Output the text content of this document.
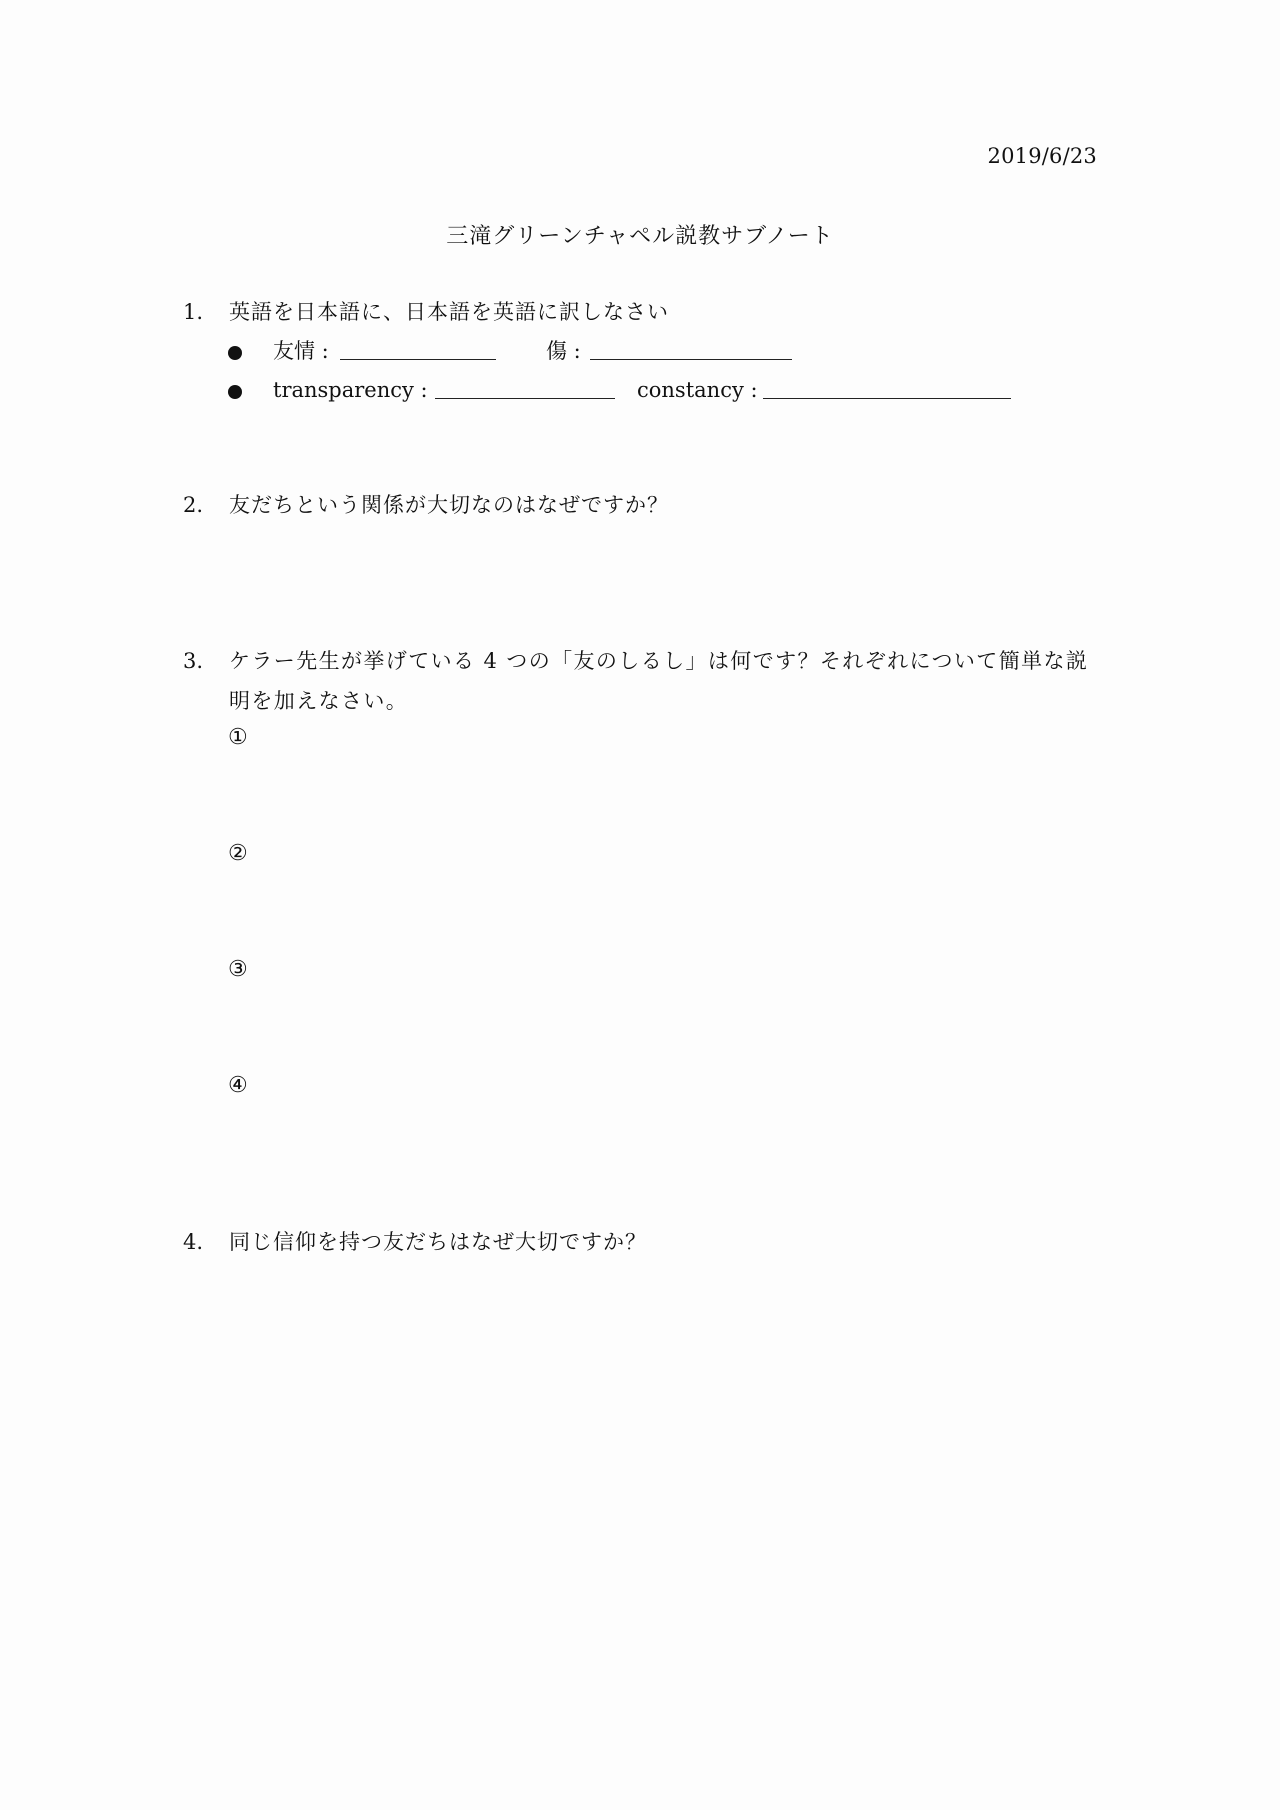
2019/6/23
三滝グリーンチャペル説教サブノート
1.	英語を日本語に、日本語を英語に訳しなさい
友情 :	傷 :
transparency :	constancy :
2.	友だちという関係が大切なのはなぜですか？
3.	ケラー先生が挙げている 4 つの「友のしるし」は何です？それぞれについて簡単な説明を加えなさい。
①
②
③
④
4.	同じ信仰を持つ友だちはなぜ大切ですか？
